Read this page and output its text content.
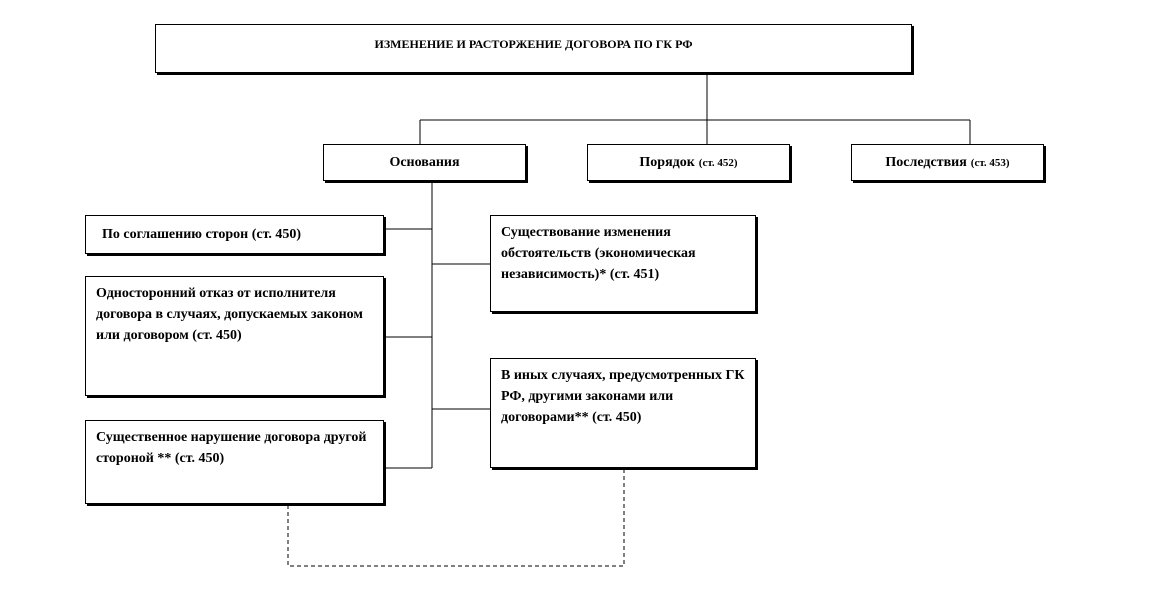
ИЗМЕНЕНИЕ И РАСТОРЖЕНИЕ ДОГОВОРА ПО ГК РФ
Основания	Порядок (ст. 452)	Последствия (ст. 453)
По соглашению сторон (ст. 450)
Односторонний отказ от исполнителя договора в случаях, допускаемых законом или договором (ст. 450)
Существенное нарушение договора другой стороной ** (ст. 450)
Существование изменения обстоятельств (экономическая независимость)* (ст. 451)
В иных случаях, предусмотренных ГК РФ, другими законами или договорами** (ст. 450)
